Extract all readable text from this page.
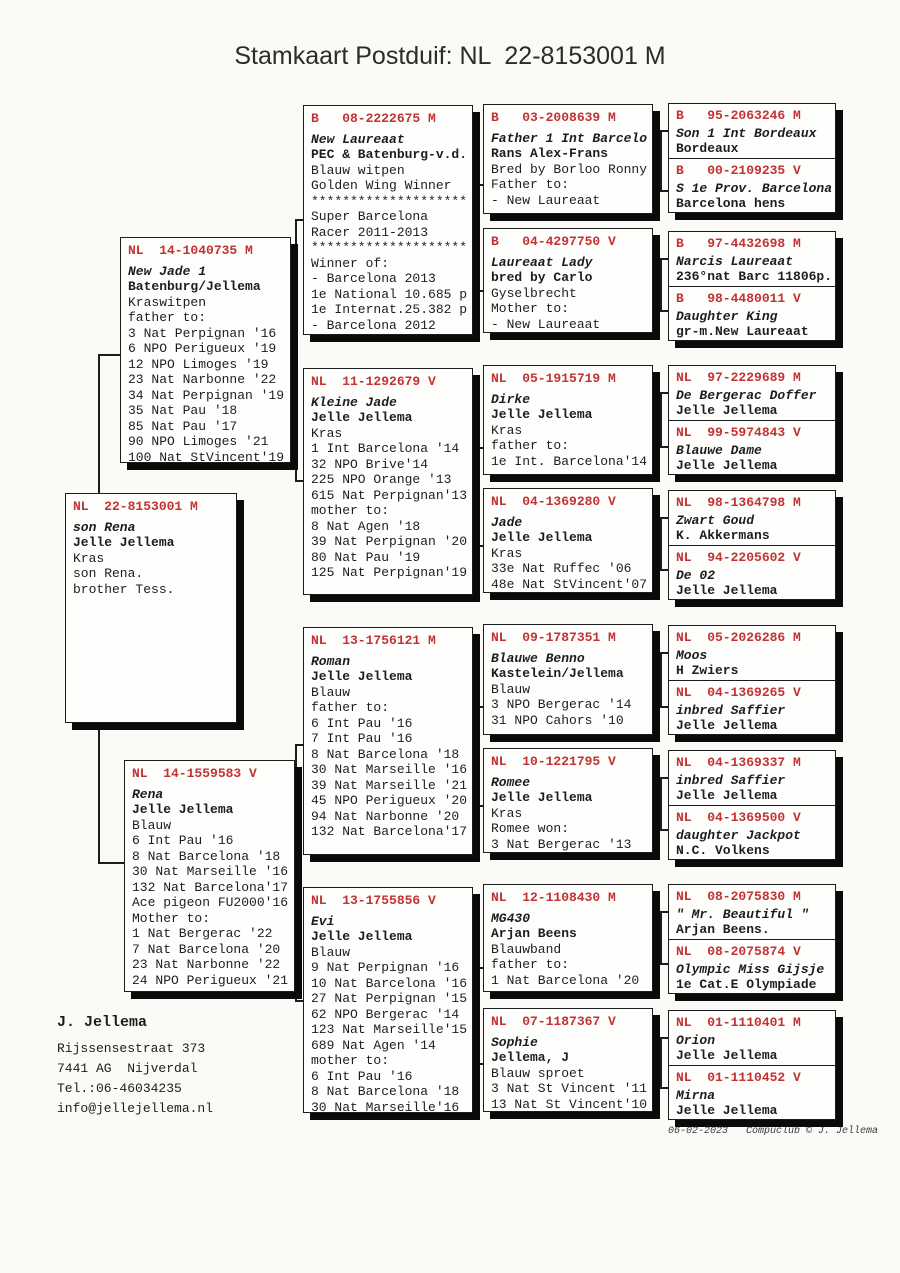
Stamkaart Postduif: NL  22-8153001 M
NL  14-1040735 M
New Jade 1
Batenburg/Jellema
Kraswitpen
father to:
3 Nat Perpignan '16
6 NPO Perigueux '19
12 NPO Limoges '19
23 Nat Narbonne '22
34 Nat Perpignan '19
35 Nat Pau '18
85 Nat Pau '17
90 NPO Limoges '21
100 Nat StVincent'19
NL  22-8153001 M
son Rena
Jelle Jellema
Kras
son Rena.
brother Tess.
NL  14-1559583 V
Rena
Jelle Jellema
Blauw
6 Int Pau '16
8 Nat Barcelona '18
30 Nat Marseille '16
132 Nat Barcelona'17
Ace pigeon FU2000'16
Mother to:
1 Nat Bergerac '22
7 Nat Barcelona '20
23 Nat Narbonne '22
24 NPO Perigueux '21
B   08-2222675 M
New Laureaat
PEC & Batenburg-v.d.
Blauw witpen
Golden Wing Winner
********************
Super Barcelona
Racer 2011-2013
********************
Winner of:
- Barcelona 2013
1e National 10.685 p
1e Internat.25.382 p
- Barcelona 2012
NL  11-1292679 V
Kleine Jade
Jelle Jellema
Kras
1 Int Barcelona '14
32 NPO Brive'14
225 NPO Orange '13
615 Nat Perpignan'13
mother to:
8 Nat Agen '18
39 Nat Perpignan '20
80 Nat Pau '19
125 Nat Perpignan'19
NL  13-1756121 M
Roman
Jelle Jellema
Blauw
father to:
6 Int Pau '16
7 Int Pau '16
8 Nat Barcelona '18
30 Nat Marseille '16
39 Nat Marseille '21
45 NPO Perigueux '20
94 Nat Narbonne '20
132 Nat Barcelona'17
NL  13-1755856 V
Evi
Jelle Jellema
Blauw
9 Nat Perpignan '16
10 Nat Barcelona '16
27 Nat Perpignan '15
62 NPO Bergerac '14
123 Nat Marseille'15
689 Nat Agen '14
mother to:
6 Int Pau '16
8 Nat Barcelona '18
30 Nat Marseille'16
B   03-2008639 M
Father 1 Int Barcelo
Rans Alex-Frans
Bred by Borloo Ronny
Father to:
- New Laureaat
B   04-4297750 V
Laureaat Lady
bred by Carlo
Gyselbrecht
Mother to:
- New Laureaat
NL  05-1915719 M
Dirke
Jelle Jellema
Kras
father to:
1e Int. Barcelona'14
NL  04-1369280 V
Jade
Jelle Jellema
Kras
33e Nat Ruffec '06
48e Nat StVincent'07
NL  09-1787351 M
Blauwe Benno
Kastelein/Jellema
Blauw
3 NPO Bergerac '14
31 NPO Cahors '10
NL  10-1221795 V
Romee
Jelle Jellema
Kras
Romee won:
3 Nat Bergerac '13
NL  12-1108430 M
MG430
Arjan Beens
Blauwband
father to:
1 Nat Barcelona '20
NL  07-1187367 V
Sophie
Jellema, J
Blauw sproet
3 Nat St Vincent '11
13 Nat St Vincent'10
B   95-2063246 M
Son 1 Int Bordeaux
Bordeaux
B   00-2109235 V
S 1e Prov. Barcelona
Barcelona hens
B   97-4432698 M
Narcis Laureaat
236°nat Barc 11806p.
B   98-4480011 V
Daughter King
gr-m.New Laureaat
NL  97-2229689 M
De Bergerac Doffer
Jelle Jellema
NL  99-5974843 V
Blauwe Dame
Jelle Jellema
NL  98-1364798 M
Zwart Goud
K. Akkermans
NL  94-2205602 V
De 02
Jelle Jellema
NL  05-2026286 M
Moos
H Zwiers
NL  04-1369265 V
inbred Saffier
Jelle Jellema
NL  04-1369337 M
inbred Saffier
Jelle Jellema
NL  04-1369500 V
daughter Jackpot
N.C. Volkens
NL  08-2075830 M
" Mr. Beautiful "
Arjan Beens.
NL  08-2075874 V
Olympic Miss Gijsje
1e Cat.E Olympiade
NL  01-1110401 M
Orion
Jelle Jellema
NL  01-1110452 V
Mirna
Jelle Jellema
J. Jellema
Rijssensestraat 373
7441 AG  Nijverdal
Tel.:06-46034235
info@jellejellema.nl
06-02-2023   Compuclub © J. Jellema
